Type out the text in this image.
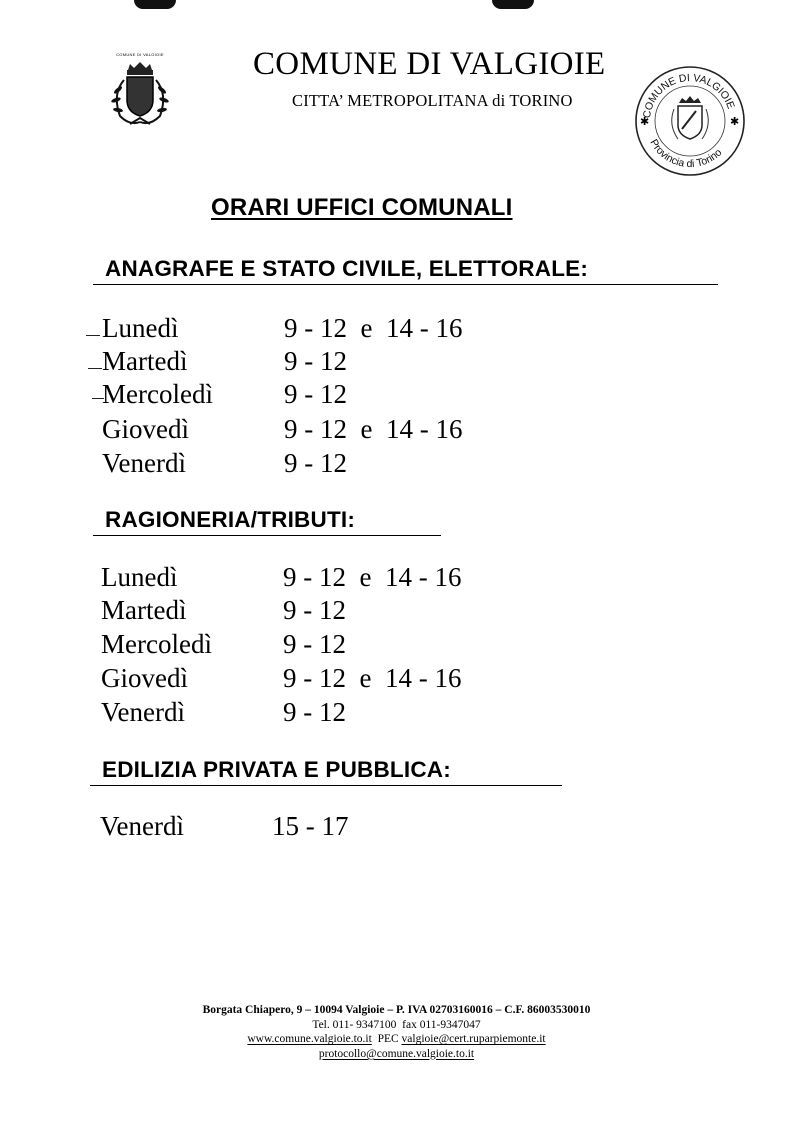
COMUNE DI VALGIOIE	COMUNE DI VALGIOIE
CITTA’ METROPOLITANA di TORINO
COMUNE DI VALGIOIE
Provincia di Torino
✱	✱
ORARI UFFICI COMUNALI
ANAGRAFE E STATO CIVILE, ELETTORALE:
Lunedì	9 - 12  e  14 - 16
Martedì	9 - 12
Mercoledì	9 - 12
Giovedì	9 - 12  e  14 - 16
Venerdì	9 - 12
RAGIONERIA/TRIBUTI:
Lunedì	9 - 12  e  14 - 16
Martedì	9 - 12
Mercoledì	9 - 12
Giovedì	9 - 12  e  14 - 16
Venerdì	9 - 12
EDILIZIA PRIVATA E PUBBLICA:
Venerdì	15 - 17
Borgata Chiapero, 9 – 10094 Valgioie – P. IVA 02703160016 – C.F. 86003530010
Tel. 011- 9347100  fax 011-9347047
www.comune.valgioie.to.it PEC valgioie@cert.ruparpiemonte.it
protocollo@comune.valgioie.to.it
